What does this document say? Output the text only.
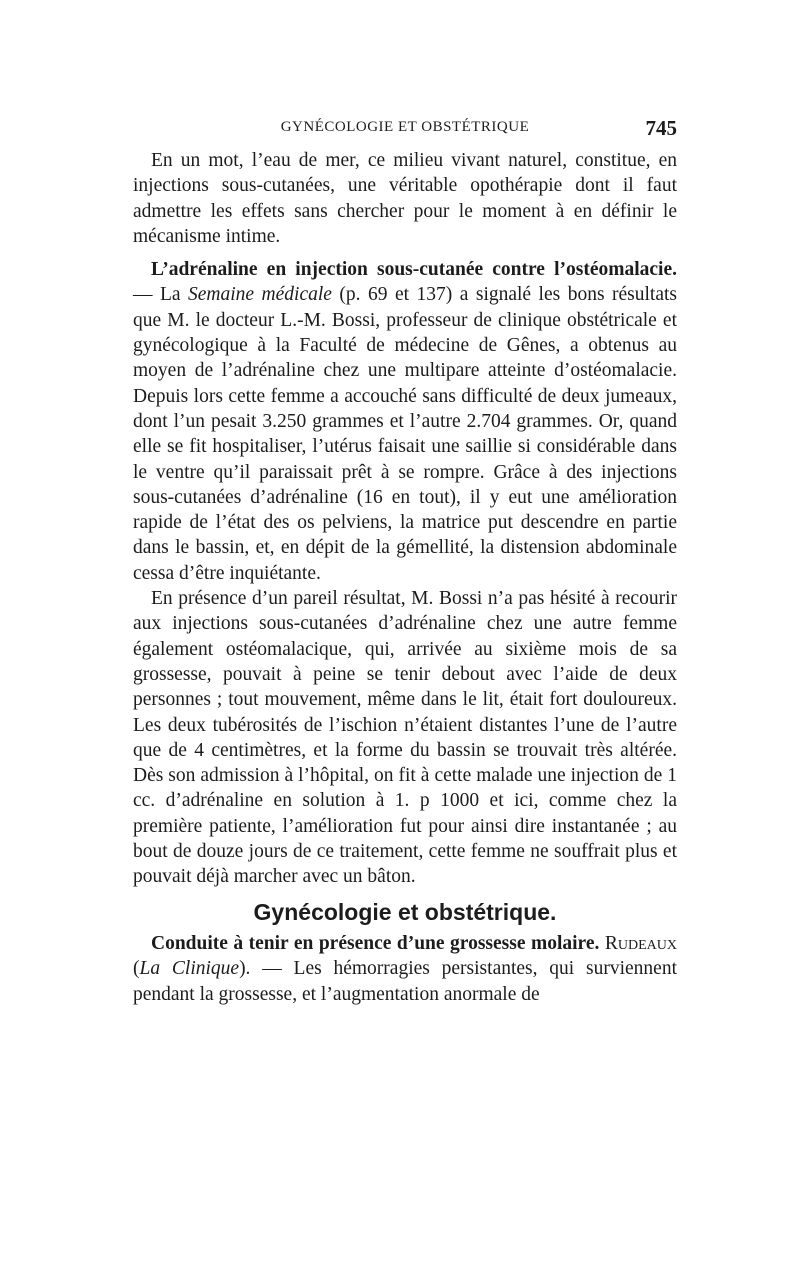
GYNÉCOLOGIE ET OBSTÉTRIQUE	745

En un mot, l’eau de mer, ce milieu vivant naturel, constitue, en injections sous-cutanées, une véritable opothérapie dont il faut admettre les effets sans chercher pour le moment à en définir le mécanisme intime.

L’adrénaline en injection sous-cutanée contre l’ostéomalacie. — La Semaine médicale (p. 69 et 137) a signalé les bons résultats que M. le docteur L.-M. Bossi, professeur de clinique obstétricale et gynécologique à la Faculté de médecine de Gênes, a obtenus au moyen de l’adrénaline chez une multipare atteinte d’ostéomalacie. Depuis lors cette femme a accouché sans difficulté de deux jumeaux, dont l’un pesait 3.250 grammes et l’autre 2.704 grammes. Or, quand elle se fit hospitaliser, l’utérus faisait une saillie si considérable dans le ventre qu’il paraissait prêt à se rompre. Grâce à des injections sous-cutanées d’adrénaline (16 en tout), il y eut une amélioration rapide de l’état des os pelviens, la matrice put descendre en partie dans le bassin, et, en dépit de la gémellité, la distension abdominale cessa d’être inquiétante.

En présence d’un pareil résultat, M. Bossi n’a pas hésité à recourir aux injections sous-cutanées d’adrénaline chez une autre femme également ostéomalacique, qui, arrivée au sixième mois de sa grossesse, pouvait à peine se tenir debout avec l’aide de deux personnes ; tout mouvement, même dans le lit, était fort douloureux. Les deux tubérosités de l’ischion n’étaient distantes l’une de l’autre que de 4 centimètres, et la forme du bassin se trouvait très altérée. Dès son admission à l’hôpital, on fit à cette malade une injection de 1 cc. d’adrénaline en solution à 1. p 1000 et ici, comme chez la première patiente, l’amélioration fut pour ainsi dire instantanée ; au bout de douze jours de ce traitement, cette femme ne souffrait plus et pouvait déjà marcher avec un bâton.

Gynécologie et obstétrique.

Conduite à tenir en présence d’une grossesse molaire. Rudeaux (La Clinique). — Les hémorragies persistantes, qui surviennent pendant la grossesse, et l’augmentation anormale de
